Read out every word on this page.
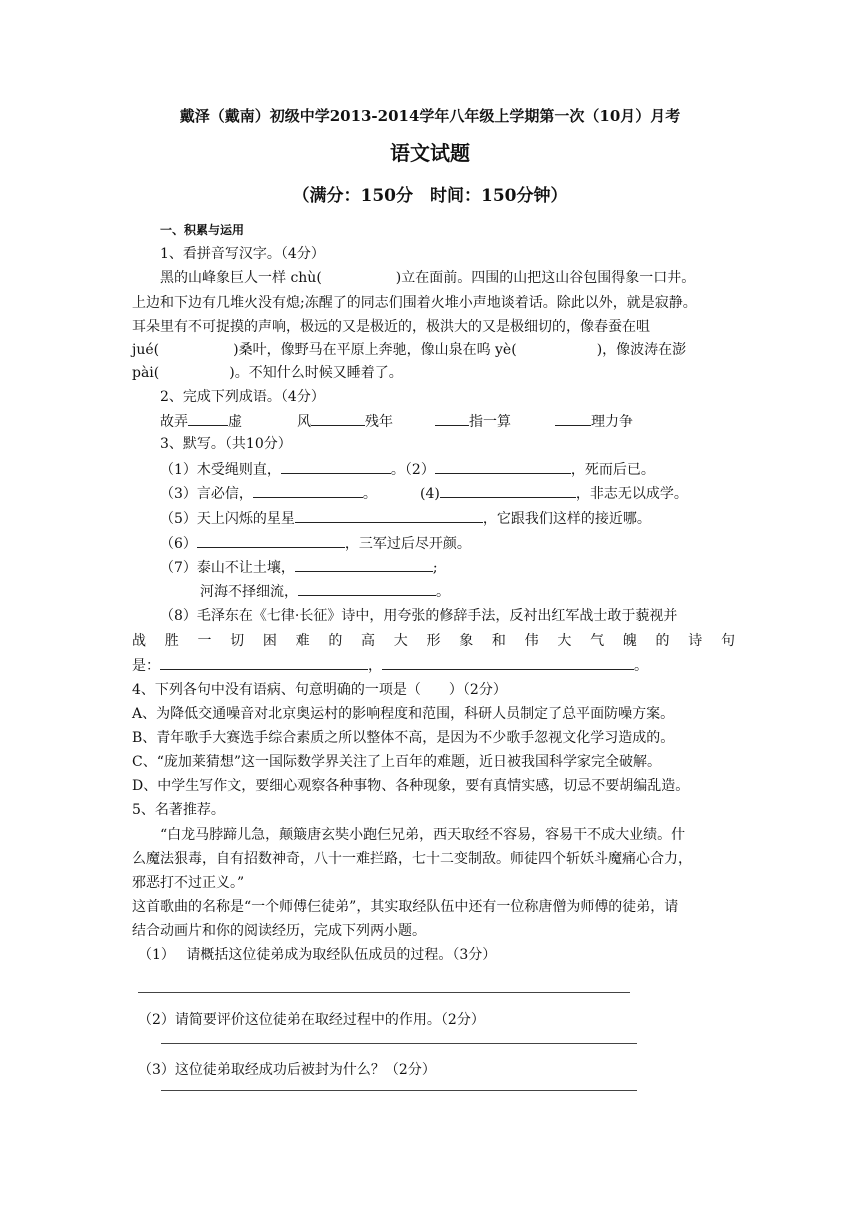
戴泽（戴南）初级中学2013-2014学年八年级上学期第一次（10月）月考
语文试题
（满分：150分　时间：150分钟）
一、积累与运用
1、看拼音写汉字。（4分）
黑的山峰象巨人一样 chù(	)立在面前。四围的山把这山谷包围得象一口井。
上边和下边有几堆火没有熄;冻醒了的同志们围着火堆小声地谈着话。除此以外，就是寂静。
耳朵里有不可捉摸的声响，极远的又是极近的，极洪大的又是极细切的，像春蚕在咀
jué(	)桑叶，像野马在平原上奔驰，像山泉在呜 yè(	)，像波涛在澎
pài(	)。不知什么时候又睡着了。
2、完成下列成语。（4分）
故弄	虚	风	残年	指一算	理力争
3、默写。（共10分）
（1）木受绳则直，	。（2）	，死而后已。
（3）言必信，	。	(4)	，非志无以成学。
（5）天上闪烁的星星	，它跟我们这样的接近哪。
（6）	，三军过后尽开颜。
（7）泰山不让土壤，	;
河海不择细流，	。
（8）毛泽东在《七律·长征》诗中，用夸张的修辞手法，反衬出红军战士敢于藐视并
战 胜 一 切 困 难 的 高 大 形 象 和 伟 大 气 魄 的 诗 句
是：	，	。
4、下列各句中没有语病、句意明确的一项是（　　）（2分）
A、为降低交通噪音对北京奥运村的影响程度和范围，科研人员制定了总平面防噪方案。
B、青年歌手大赛选手综合素质之所以整体不高，是因为不少歌手忽视文化学习造成的。
C、“庞加莱猜想”这一国际数学界关注了上百年的难题，近日被我国科学家完全破解。
D、中学生写作文，要细心观察各种事物、各种现象，要有真情实感，切忌不要胡编乱造。
5、名著推荐。
“白龙马脖蹄儿急，颠簸唐玄奘小跑仨兄弟，西天取经不容易，容易干不成大业绩。什
么魔法狠毒，自有招数神奇，八十一难拦路，七十二变制敌。师徒四个斩妖斗魔痛心合力，
邪恶打不过正义。”
这首歌曲的名称是“一个师傅仨徒弟”，其实取经队伍中还有一位称唐僧为师傅的徒弟，请
结合动画片和你的阅读经历，完成下列两小题。
（1）　 请概括这位徒弟成为取经队伍成员的过程。（3分）
（2）请简要评价这位徒弟在取经过程中的作用。（2分）
（3）这位徒弟取经成功后被封为什么？（2分）
